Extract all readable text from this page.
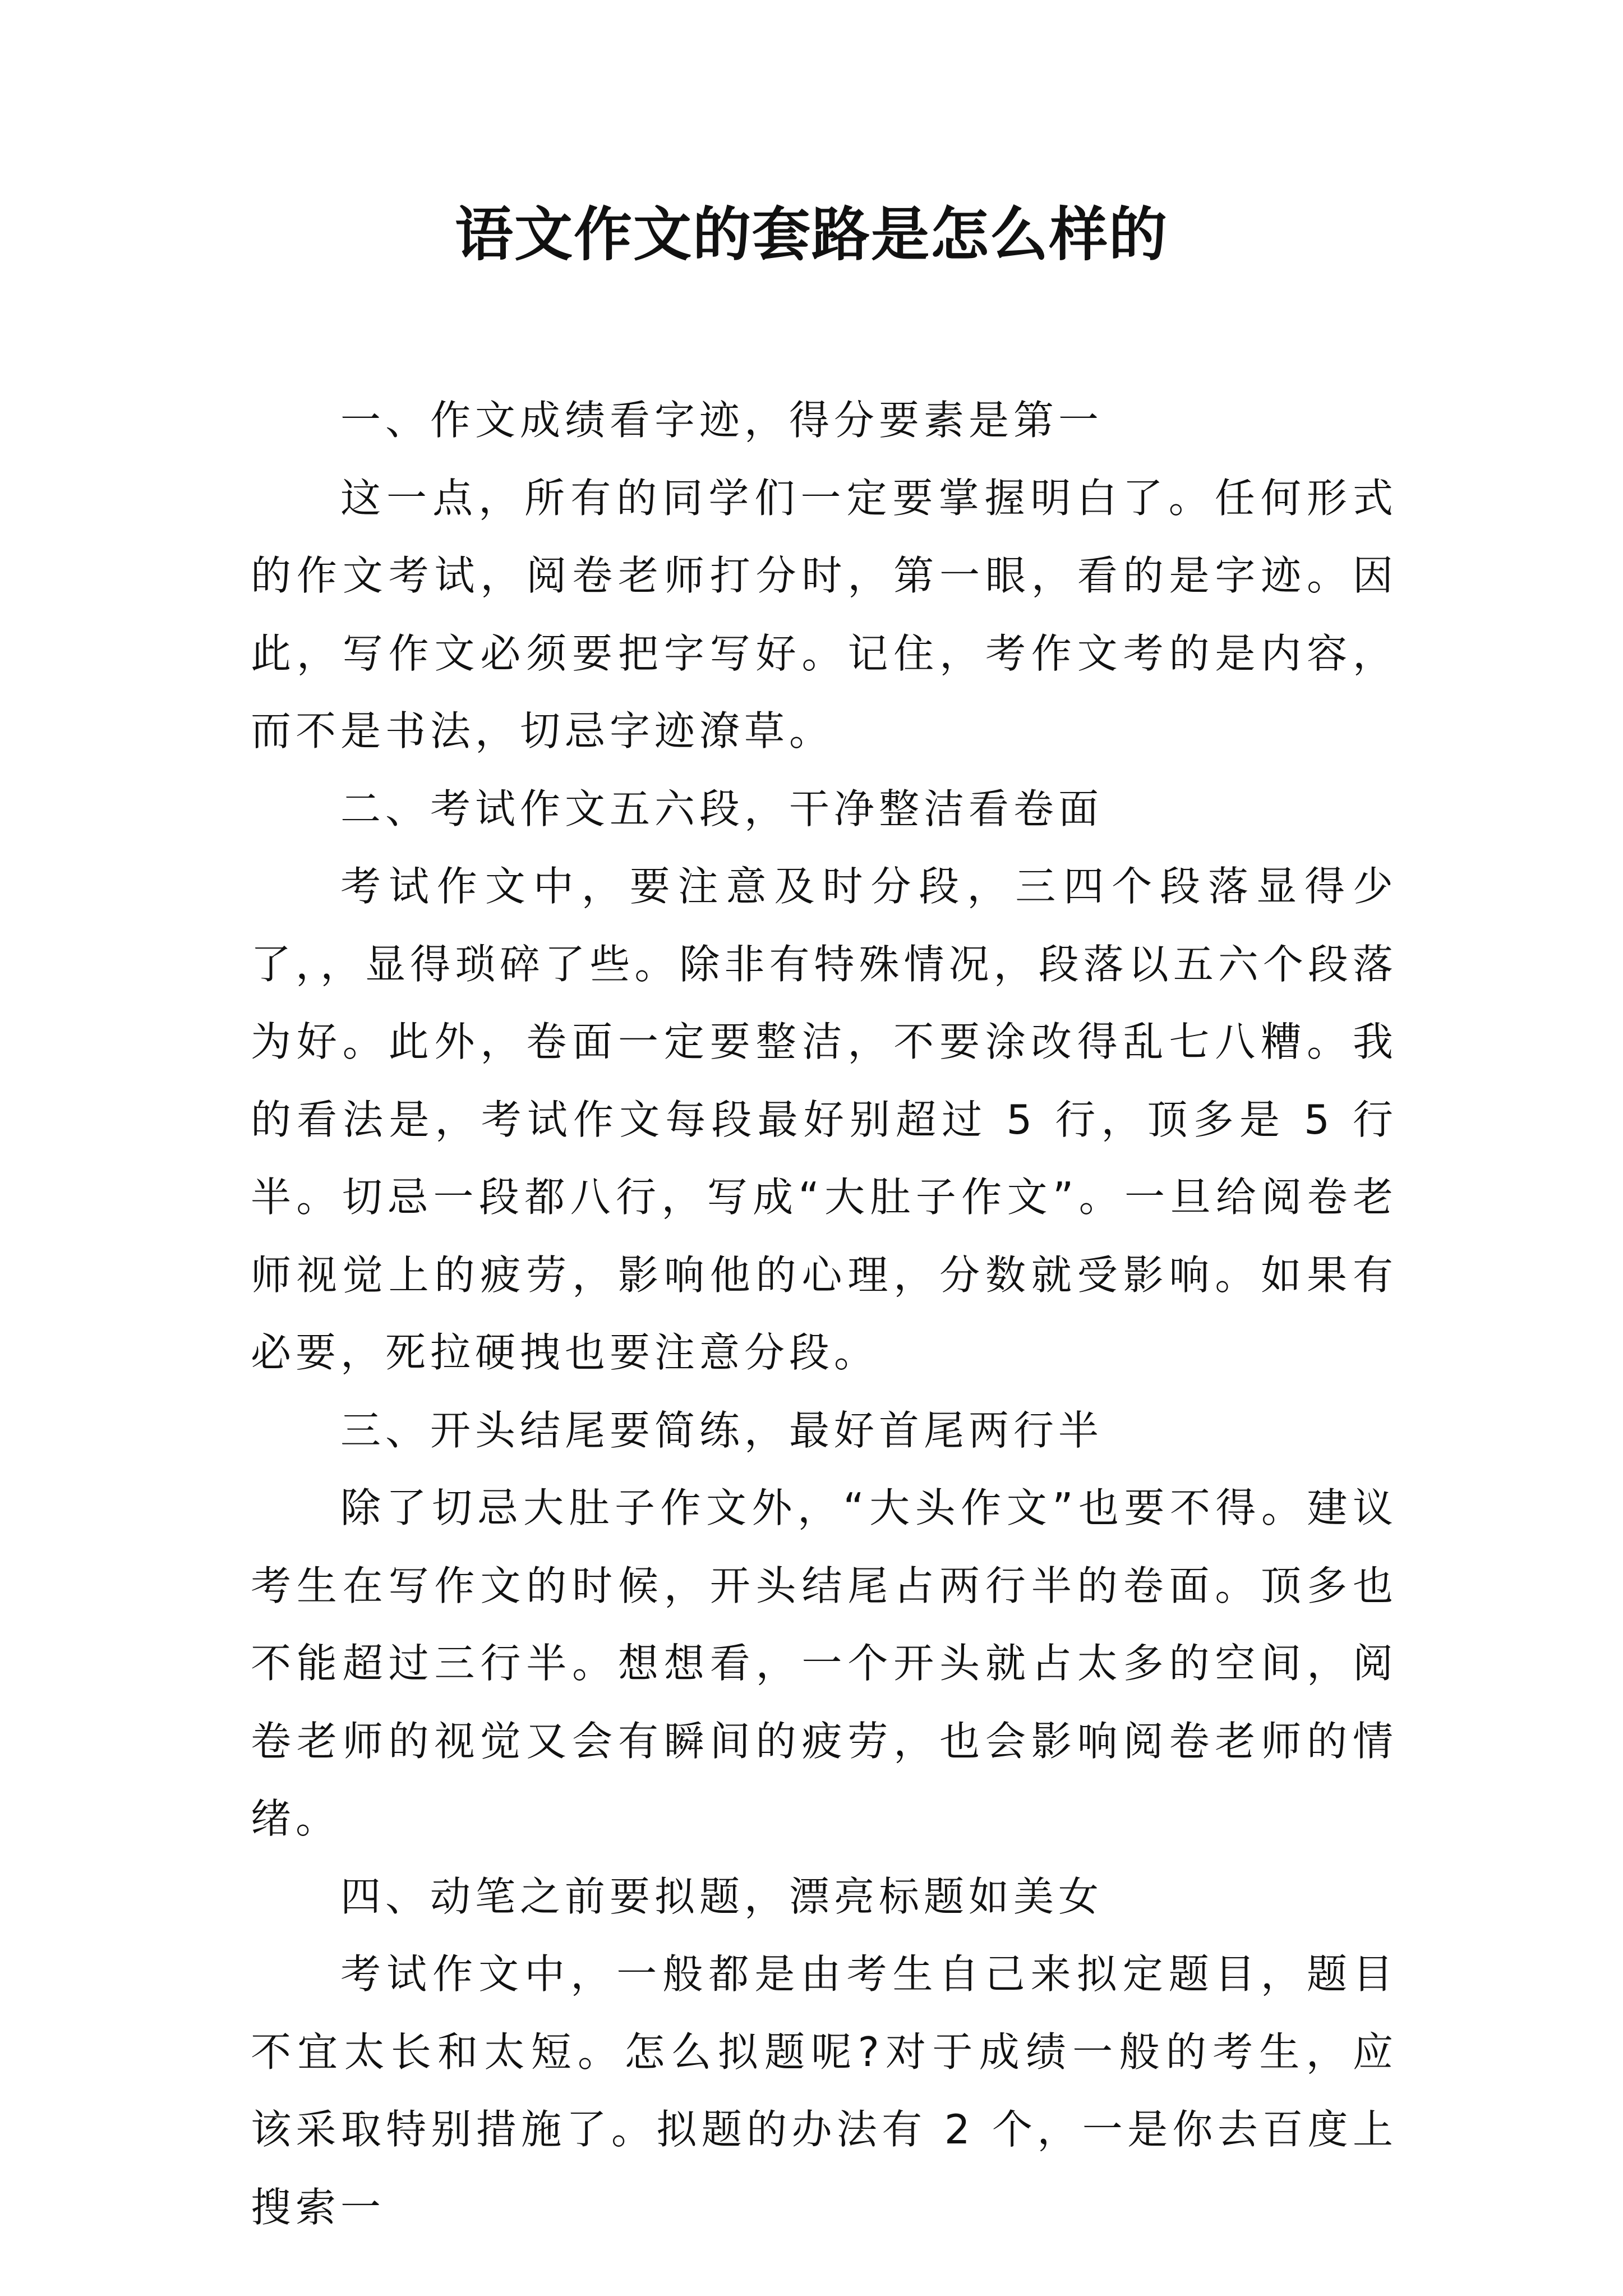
语文作文的套路是怎么样的

一、作文成绩看字迹，得分要素是第一

这一点，所有的同学们一定要掌握明白了。任何形式的作文考试，阅卷老师打分时，第一眼，看的是字迹。因此，写作文必须要把字写好。记住，考作文考的是内容，而不是书法，切忌字迹潦草。

二、考试作文五六段，干净整洁看卷面

考试作文中，要注意及时分段，三四个段落显得少了，，显得琐碎了些。除非有特殊情况，段落以五六个段落为好。此外，卷面一定要整洁，不要涂改得乱七八糟。我的看法是，考试作文每段最好别超过 5 行，顶多是 5 行半。切忌一段都八行，写成“大肚子作文”。一旦给阅卷老师视觉上的疲劳，影响他的心理，分数就受影响。如果有必要，死拉硬拽也要注意分段。

三、开头结尾要简练，最好首尾两行半

除了切忌大肚子作文外，“大头作文”也要不得。建议考生在写作文的时候，开头结尾占两行半的卷面。顶多也不能超过三行半。想想看，一个开头就占太多的空间，阅卷老师的视觉又会有瞬间的疲劳，也会影响阅卷老师的情绪。

四、动笔之前要拟题，漂亮标题如美女

考试作文中，一般都是由考生自己来拟定题目，题目不宜太长和太短。怎么拟题呢?对于成绩一般的考生，应该采取特别措施了。拟题的办法有 2 个，一是你去百度上搜索一
